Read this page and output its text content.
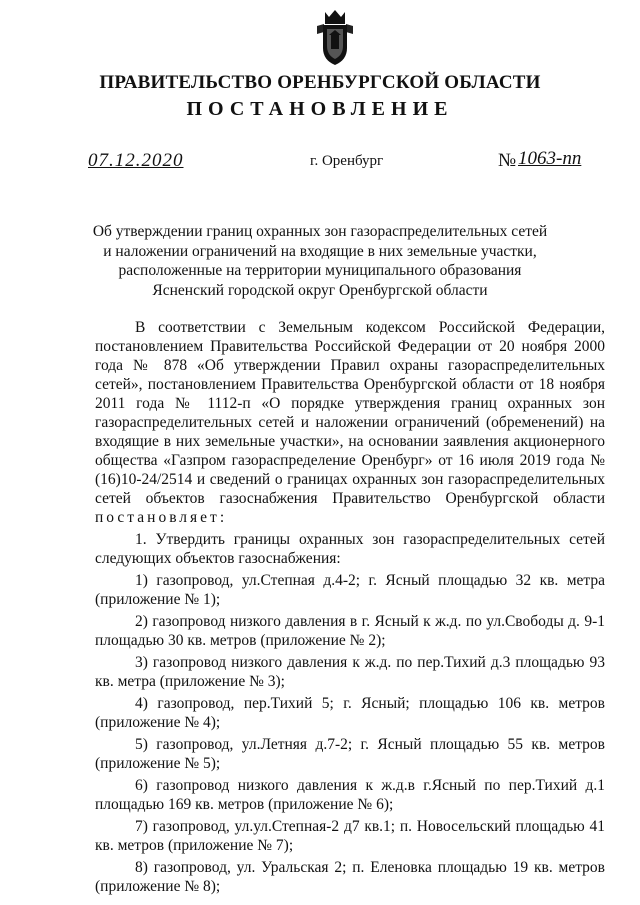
ПРАВИТЕЛЬСТВО ОРЕНБУРГСКОЙ ОБЛАСТИ
ПОСТАНОВЛЕНИЕ
07.12.2020	г. Оренбург	№ 1063-пп
Об утверждении границ охранных зон газораспределительных сетей
и наложении ограничений на входящие в них земельные участки,
расположенные на территории муниципального образования
Ясненский городской округ Оренбургской области

В соответствии с Земельным кодексом Российской Федерации, постановлением Правительства Российской Федерации от 20 ноября 2000 года № 878 «Об утверждении Правил охраны газораспределительных сетей», постановлением Правительства Оренбургской области от 18 ноября 2011 года № 1112-п «О порядке утверждения границ охранных зон газораспределительных сетей и наложении ограничений (обременений) на входящие в них земельные участки», на основании заявления акционерного общества «Газпром газораспределение Оренбург» от 16 июля 2019 года № (16)10-24/2514 и сведений о границах охранных зон газораспределительных сетей объектов газоснабжения Правительство Оренбургской области постановляет:

1. Утвердить границы охранных зон газораспределительных сетей следующих объектов газоснабжения:

1) газопровод, ул.Степная д.4-2; г. Ясный площадью 32 кв. метра (приложение № 1);

2) газопровод низкого давления в г. Ясный к ж.д. по ул.Свободы д. 9-1 площадью 30 кв. метров (приложение № 2);

3) газопровод низкого давления к ж.д. по пер.Тихий д.3 площадью 93 кв. метра (приложение № 3);

4) газопровод, пер.Тихий 5; г. Ясный; площадью 106 кв. метров (приложение № 4);

5) газопровод, ул.Летняя д.7-2; г. Ясный площадью 55 кв. метров (приложение № 5);

6) газопровод низкого давления к ж.д.в г.Ясный по пер.Тихий д.1 площадью 169 кв. метров (приложение № 6);

7) газопровод, ул.ул.Степная-2 д7 кв.1; п. Новосельский площадью 41 кв. метров (приложение № 7);

8) газопровод, ул. Уральская 2; п. Еленовка площадью 19 кв. метров (приложение № 8);
